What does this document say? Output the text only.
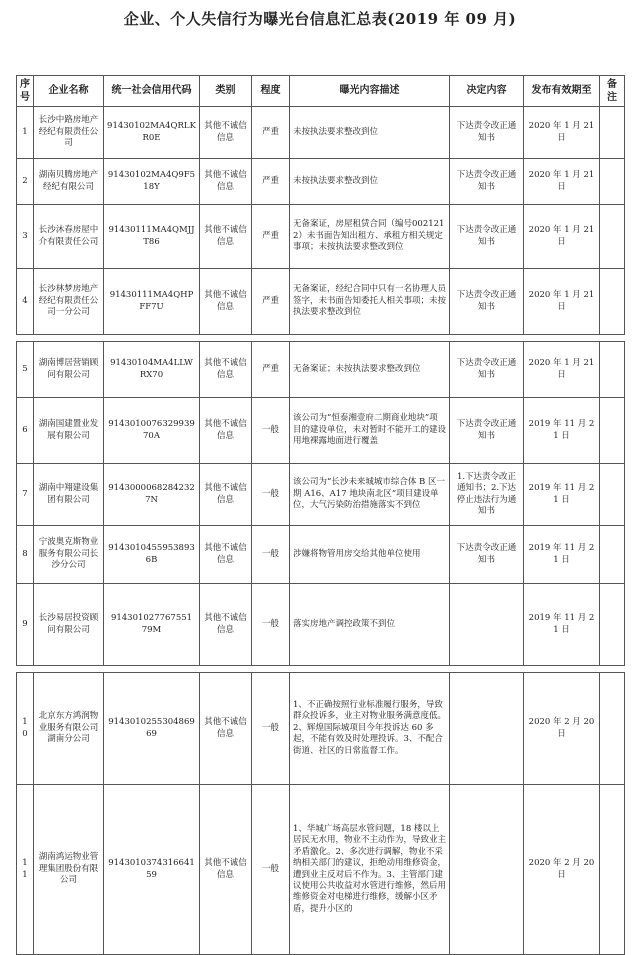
企业、个人失信行为曝光台信息汇总表(2019 年 09 月)
序号	企业名称	统一社会信用代码	类别	程度	曝光内容描述	决定内容	发布有效期至	备注
1	长沙中路房地产经纪有限责任公司	91430102MA4QRLKR0E	其他不诚信信息	严重	未按执法要求整改到位	下达责令改正通知书	2020 年 1 月 21 日	
2	湖南贝腾房地产经纪有限公司	91430102MA4Q9F518Y	其他不诚信信息	严重	未按执法要求整改到位	下达责令改正通知书	2020 年 1 月 21 日	
3	长沙沐春房屋中介有限责任公司	91430111MA4QMJJT86	其他不诚信信息	严重	无备案证，房屋租赁合同（编号0021212）未书面告知出租方、承租方相关规定事项；未按执法要求整改到位	下达责令改正通知书	2020 年 1 月 21 日	
4	长沙林梦房地产经纪有限责任公司一分公司	91430111MA4QHPFF7U	其他不诚信信息	严重	无备案证，经纪合同中只有一名协理人员签字，未书面告知委托人相关事项；未按执法要求整改到位	下达责令改正通知书	2020 年 1 月 21 日	

5	湖南博居营销顾问有限公司	91430104MA4LLWRX70	其他不诚信信息	严重	无备案证；未按执法要求整改到位	下达责令改正通知书	2020 年 1 月 21 日	
6	湖南国建置业发展有限公司	914301007632993970A	其他不诚信信息	一般	该公司为“恒泰湘壹府二期商业地块”项目的建设单位，未对暂时不能开工的建设用地裸露地面进行覆盖	下达责令改正通知书	2019 年 11 月 21 日	
7	湖南中翔建设集团有限公司	91430000682842327N	其他不诚信信息	一般	该公司为“长沙未来城城市综合体 B 区一期 A16、A17 地块南北区”项目建设单位，大气污染防治措施落实不到位	1.下达责令改正通知书；2.下达停止违法行为通知书	2019 年 11 月 21 日	
8	宁波奥克斯物业服务有限公司长沙分公司	91430104559538936B	其他不诚信信息	一般	涉嫌将物管用房交给其他单位使用	下达责令改正通知书	2019 年 11 月 21 日	
9	长沙易居投资顾问有限公司	914301027767551 79M	其他不诚信信息	一般	落实房地产调控政策不到位		2019 年 11 月 21 日	

10	北京东方鸿润物业服务有限公司湖南分公司	914301025530486969	其他不诚信信息	一般	1、不正确按照行业标准履行服务，导致群众投诉多，业主对物业服务满意度低。2、辉煌国际城项目今年投诉达 60 多起，不能有效及时处理投诉。3、不配合街道、社区的日常监督工作。		2020 年 2 月 20 日	
11	湖南鸿运物业管理集团股份有限公司	914301037431664159	其他不诚信信息	一般	1、华城广场高层水管问题，18 楼以上居民无水用，物业不主动作为，导致业主矛盾激化。2、多次进行调解，物业不采纳相关部门的建议，拒绝动用维修资金，遭到业主反对后不作为。3、主管部门建议使用公共收益对水管进行维修，然后用维修资金对电梯进行维修，缓解小区矛盾，提升小区的		2020 年 2 月 20 日	
